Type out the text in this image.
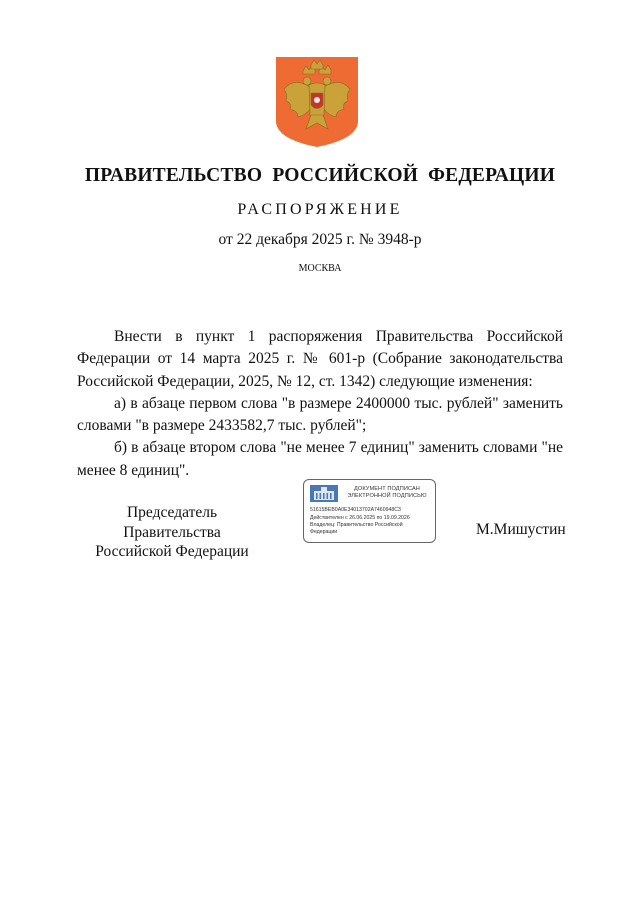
ПРАВИТЕЛЬСТВО РОССИЙСКОЙ ФЕДЕРАЦИИ
РАСПОРЯЖЕНИЕ
от 22 декабря 2025 г. № 3948-р
МОСКВА

Внести в пункт 1 распоряжения Правительства Российской Федерации от 14 марта 2025 г. № 601-р (Собрание законодательства Российской Федерации, 2025, № 12, ст. 1342) следующие изменения:

а) в абзаце первом слова "в размере 2400000 тыс. рублей" заменить словами "в размере 2433582,7 тыс. рублей";

б) в абзаце втором слова "не менее 7 единиц" заменить словами "не менее 8 единиц".

Председатель Правительства
Российской Федерации
ДОКУМЕНТ ПОДПИСАН
ЭЛЕКТРОННОЙ ПОДПИСЬЮ
51615BEB0A0E34013702A7460948C3
Действителен с 26.06.2025 по 19.09.2026
Владелец: Правительство Российской
Федерации	М.Мишустин
